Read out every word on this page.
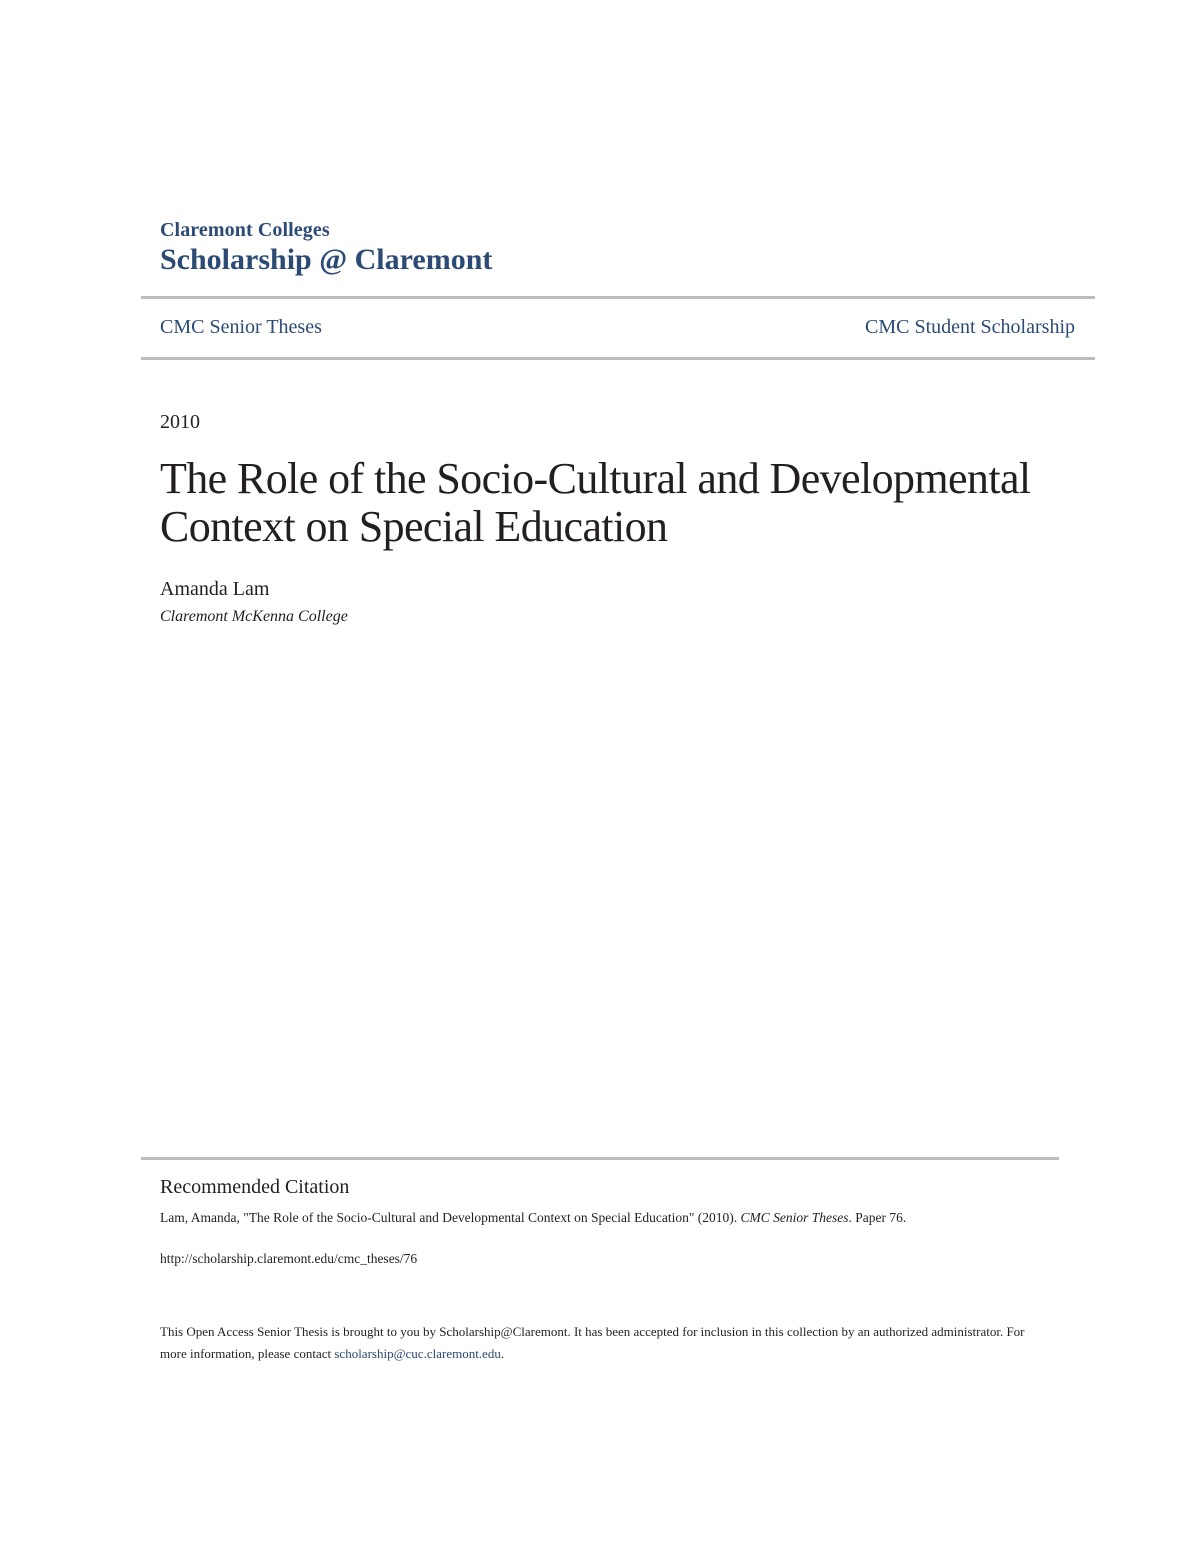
Claremont Colleges
Scholarship @ Claremont
CMC Senior Theses	CMC Student Scholarship
2010
The Role of the Socio-Cultural and Developmental Context on Special Education
Amanda Lam
Claremont McKenna College
Recommended Citation
Lam, Amanda, "The Role of the Socio-Cultural and Developmental Context on Special Education" (2010). CMC Senior Theses. Paper 76.
http://scholarship.claremont.edu/cmc_theses/76
This Open Access Senior Thesis is brought to you by Scholarship@Claremont. It has been accepted for inclusion in this collection by an authorized administrator. For more information, please contact scholarship@cuc.claremont.edu.
